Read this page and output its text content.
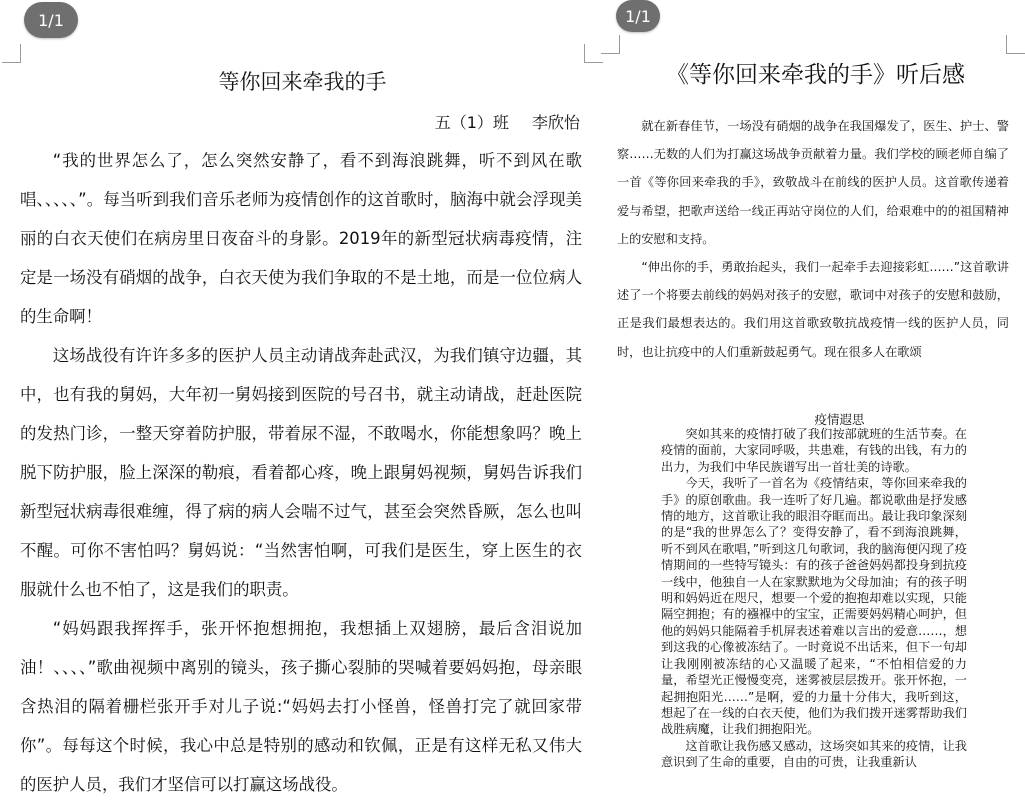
1/1
等你回来牵我的手
五（1）班 李欣怡

“我的世界怎么了，怎么突然安静了，看不到海浪跳舞，听不到风在歌唱、、、、、”。每当听到我们音乐老师为疫情创作的这首歌时，脑海中就会浮现美丽的白衣天使们在病房里日夜奋斗的身影。2019年的新型冠状病毒疫情，注定是一场没有硝烟的战争，白衣天使为我们争取的不是土地，而是一位位病人的生命啊！

这场战役有许许多多的医护人员主动请战奔赴武汉，为我们镇守边疆，其中，也有我的舅妈，大年初一舅妈接到医院的号召书，就主动请战，赶赴医院的发热门诊，一整天穿着防护服，带着尿不湿，不敢喝水，你能想象吗？晚上脱下防护服，脸上深深的勒痕，看着都心疼，晚上跟舅妈视频，舅妈告诉我们新型冠状病毒很难缠，得了病的病人会喘不过气，甚至会突然昏厥，怎么也叫不醒。可你不害怕吗？舅妈说：“当然害怕啊，可我们是医生，穿上医生的衣服就什么也不怕了，这是我们的职责。

“妈妈跟我挥挥手，张开怀抱想拥抱，我想插上双翅膀，最后含泪说加油！、、、、”歌曲视频中离别的镜头，孩子撕心裂肺的哭喊着要妈妈抱，母亲眼含热泪的隔着栅栏张开手对儿子说:“妈妈去打小怪兽，怪兽打完了就回家带你”。每每这个时候，我心中总是特别的感动和钦佩，正是有这样无私又伟大的医护人员，我们才坚信可以打赢这场战役。

1/1
《等你回来牵我的手》听后感

就在新春佳节，一场没有硝烟的战争在我国爆发了，医生、护士、警察……无数的人们为打赢这场战争贡献着力量。我们学校的顾老师自编了一首《等你回来牵我的手》，致敬战斗在前线的医护人员。这首歌传递着爱与希望，把歌声送给一线正再站守岗位的人们，给艰难中的的祖国精神上的安慰和支持。

“伸出你的手，勇敢抬起头，我们一起牵手去迎接彩虹……”这首歌讲述了一个将要去前线的妈妈对孩子的安慰，歌词中对孩子的安慰和鼓励，正是我们最想表达的。我们用这首歌致敬抗战疫情一线的医护人员，同时，也让抗疫中的人们重新鼓起勇气。现在很多人在歌颂

疫情遐思

突如其来的疫情打破了我们按部就班的生活节奏。在疫情的面前，大家同呼吸，共患难，有钱的出钱，有力的出力，为我们中华民族谱写出一首壮美的诗歌。

今天，我听了一首名为《疫情结束，等你回来牵我的手》的原创歌曲。我一连听了好几遍。都说歌曲是抒发感情的地方，这首歌让我的眼泪夺眶而出。最让我印象深刻的是“我的世界怎么了？变得安静了，看不到海浪跳舞，听不到风在歌唱，”听到这几句歌词，我的脑海便闪现了疫情期间的一些特写镜头：有的孩子爸爸妈妈都投身到抗疫一线中，他独自一人在家默默地为父母加油；有的孩子明明和妈妈近在咫尺，想要一个爱的抱抱却难以实现，只能隔空拥抱；有的襁褓中的宝宝，正需要妈妈精心呵护，但他的妈妈只能隔着手机屏表述着难以言出的爱意……，想到这我的心像被冻结了。一时竟说不出话来，但下一句却让我刚刚被冻结的心又温暖了起来，“不怕相信爱的力量，希望光正慢慢变亮，迷雾被层层拨开。张开怀抱，一起拥抱阳光……”是啊，爱的力量十分伟大，我听到这，想起了在一线的白衣天使，他们为我们拨开迷雾帮助我们战胜病魔，让我们拥抱阳光。

这首歌让我伤感又感动，这场突如其来的疫情，让我意识到了生命的重要，自由的可贵，让我重新认
